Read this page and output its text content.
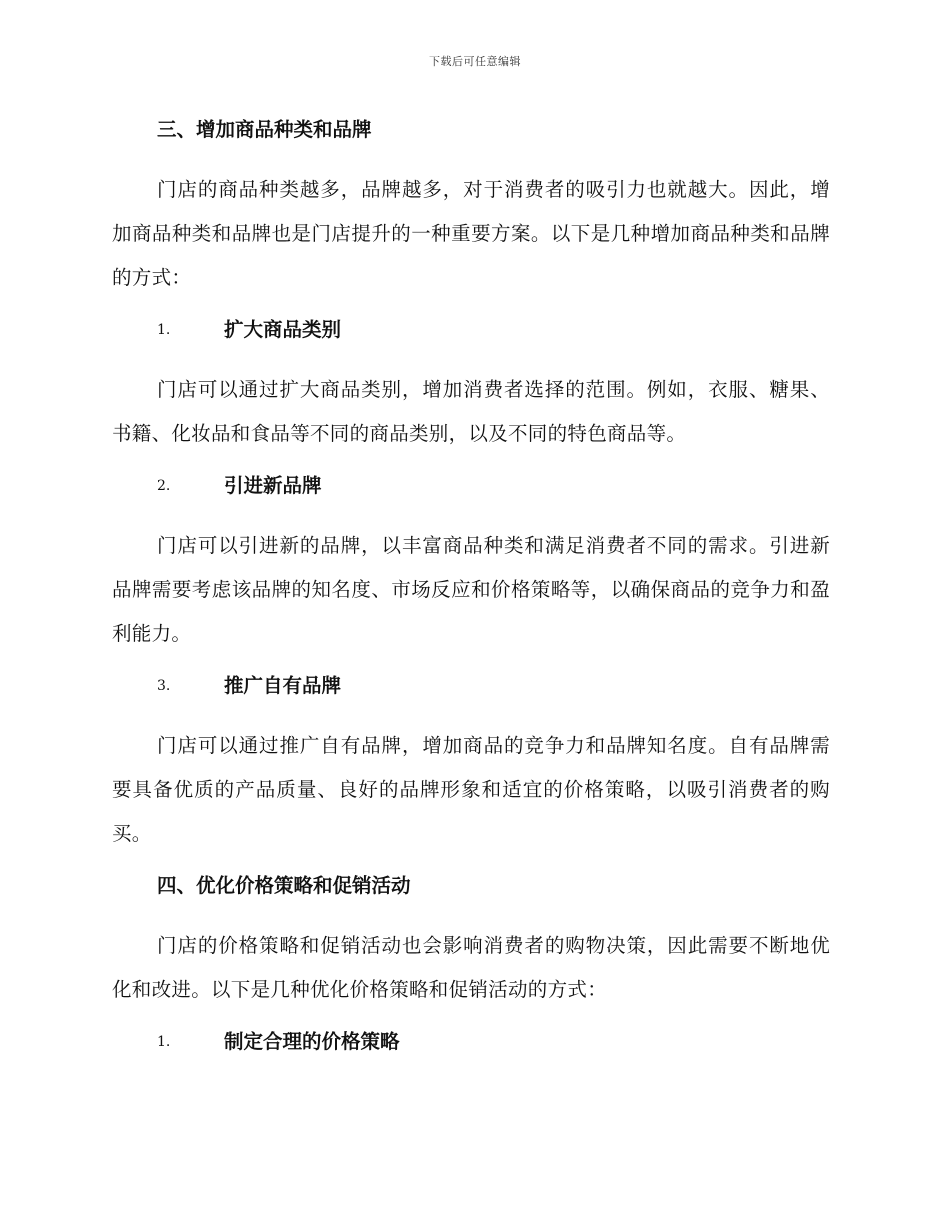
下载后可任意编辑
三、增加商品种类和品牌

门店的商品种类越多，品牌越多，对于消费者的吸引力也就越大。因此，增加商品种类和品牌也是门店提升的一种重要方案。以下是几种增加商品种类和品牌的方式：

1.	扩大商品类别

门店可以通过扩大商品类别，增加消费者选择的范围。例如，衣服、糖果、书籍、化妆品和食品等不同的商品类别，以及不同的特色商品等。

2.	引进新品牌

门店可以引进新的品牌，以丰富商品种类和满足消费者不同的需求。引进新品牌需要考虑该品牌的知名度、市场反应和价格策略等，以确保商品的竞争力和盈利能力。

3.	推广自有品牌

门店可以通过推广自有品牌，增加商品的竞争力和品牌知名度。自有品牌需要具备优质的产品质量、良好的品牌形象和适宜的价格策略，以吸引消费者的购买。

四、优化价格策略和促销活动

门店的价格策略和促销活动也会影响消费者的购物决策，因此需要不断地优化和改进。以下是几种优化价格策略和促销活动的方式：

1.	制定合理的价格策略
